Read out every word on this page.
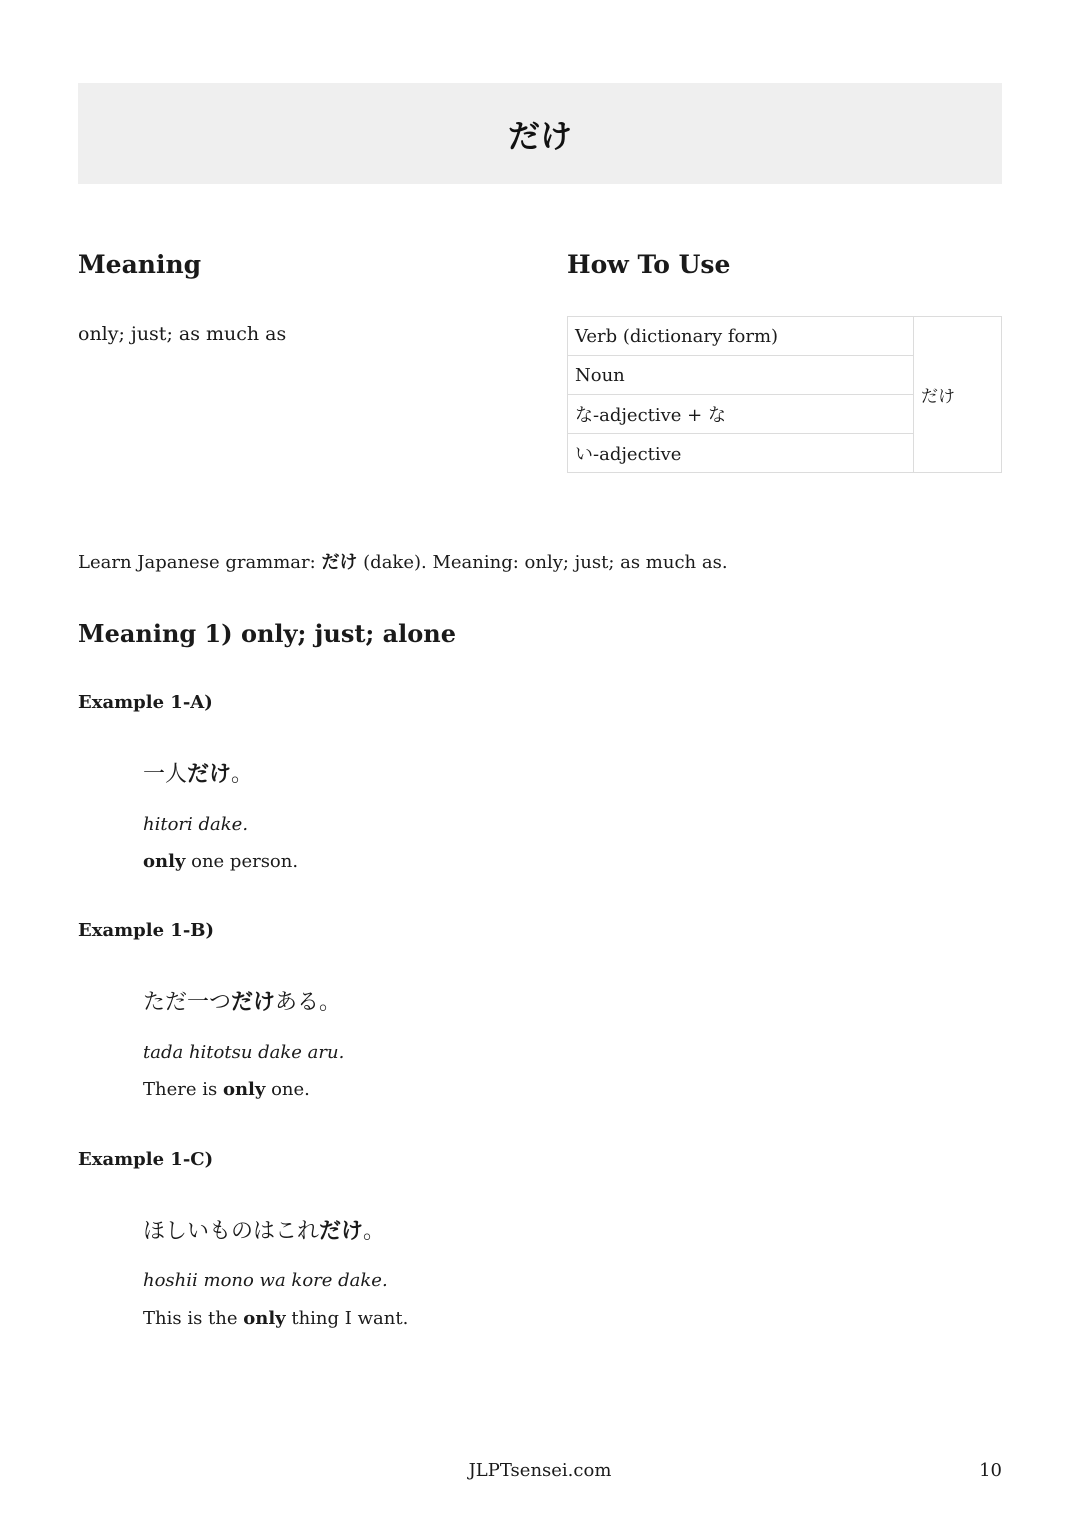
だけ
Meaning

only; just; as much as

How To Use
Verb (dictionary form)	だけ
Noun
な-adjective + な
い-adjective

Learn Japanese grammar: だけ (dake). Meaning: only; just; as much as.

Meaning 1) only; just; alone

Example 1-A)

一人だけ。

hitori dake.

only one person.

Example 1-B)

ただ一つだけある。

tada hitotsu dake aru.

There is only one.

Example 1-C)

ほしいものはこれだけ。

hoshii mono wa kore dake.

This is the only thing I want.

JLPTsensei.com	10
